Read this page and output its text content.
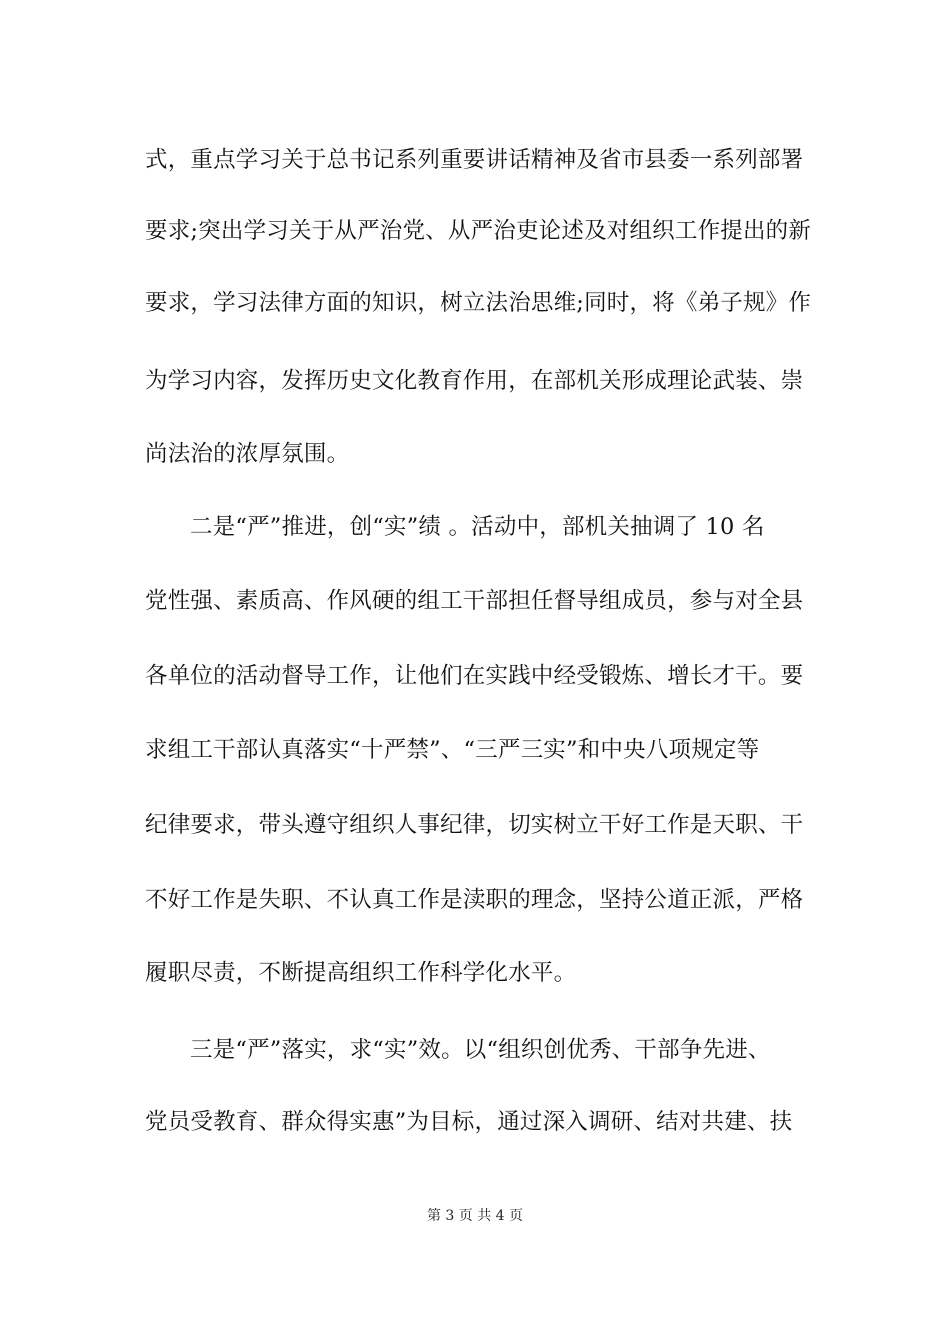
式，重点学习关于总书记系列重要讲话精神及省市县委一系列部署
要求;突出学习关于从严治党、从严治吏论述及对组织工作提出的新
要求，学习法律方面的知识，树立法治思维;同时，将《弟子规》作
为学习内容，发挥历史文化教育作用，在部机关形成理论武装、崇
尚法治的浓厚氛围。
二是“严”推进，创“实”绩 。活动中，部机关抽调了 10 名
党性强、素质高、作风硬的组工干部担任督导组成员，参与对全县
各单位的活动督导工作，让他们在实践中经受锻炼、增长才干。要
求组工干部认真落实“十严禁”、“三严三实”和中央八项规定等
纪律要求，带头遵守组织人事纪律，切实树立干好工作是天职、干
不好工作是失职、不认真工作是渎职的理念，坚持公道正派，严格
履职尽责，不断提高组织工作科学化水平。
三是“严”落实，求“实”效。以“组织创优秀、干部争先进、
党员受教育、群众得实惠”为目标，通过深入调研、结对共建、扶
第 3 页 共 4 页
